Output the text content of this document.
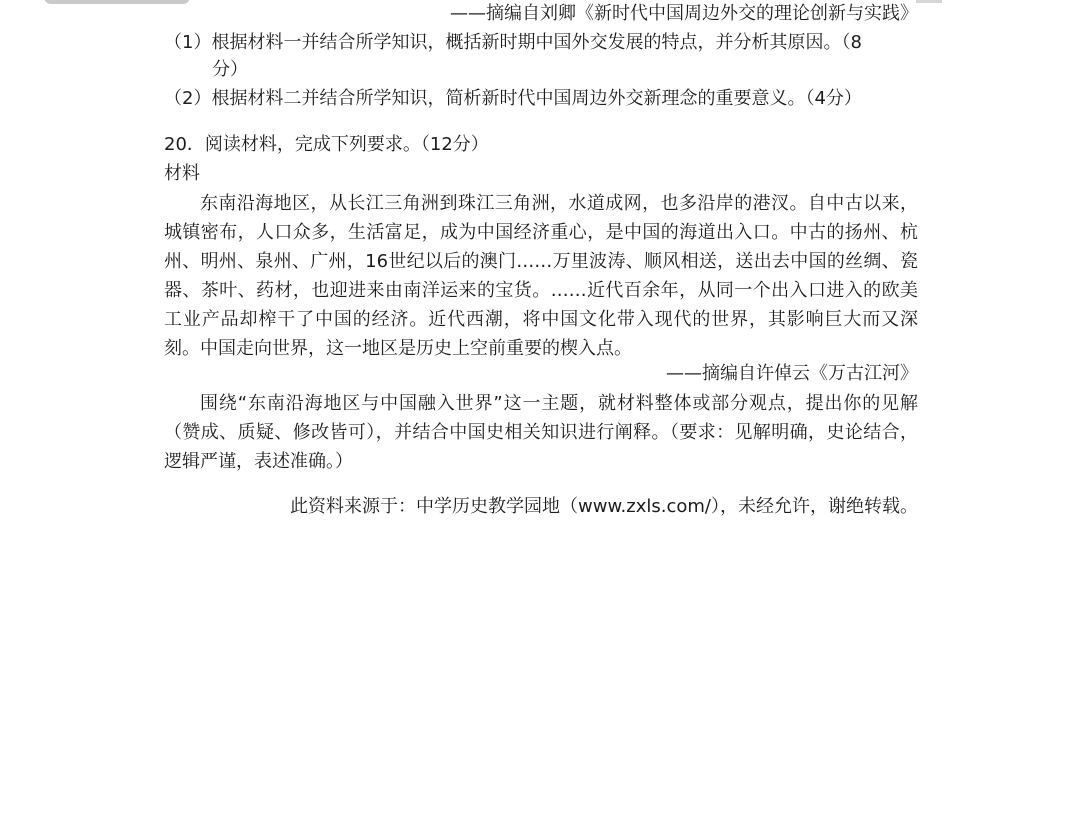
——摘编自刘卿《新时代中国周边外交的理论创新与实践》
（1）根据材料一并结合所学知识，概括新时期中国外交发展的特点，并分析其原因。（8
分）
（2）根据材料二并结合所学知识，简析新时代中国周边外交新理念的重要意义。（4分）
20．阅读材料，完成下列要求。（12分）
材料
东南沿海地区，从长江三角洲到珠江三角洲，水道成网，也多沿岸的港汊。自中古以来，城镇密布，人口众多，生活富足，成为中国经济重心，是中国的海道出入口。中古的扬州、杭州、明州、泉州、广州，16世纪以后的澳门……万里波涛、顺风相送，送出去中国的丝绸、瓷器、茶叶、药材，也迎进来由南洋运来的宝货。……近代百余年，从同一个出入口进入的欧美工业产品却榨干了中国的经济。近代西潮，将中国文化带入现代的世界，其影响巨大而又深刻。中国走向世界，这一地区是历史上空前重要的楔入点。
——摘编自许倬云《万古江河》
围绕“东南沿海地区与中国融入世界”这一主题，就材料整体或部分观点，提出你的见解（赞成、质疑、修改皆可），并结合中国史相关知识进行阐释。（要求：见解明确，史论结合，逻辑严谨，表述准确。）
此资料来源于：中学历史教学园地（www.zxls.com/），未经允许，谢绝转载。
